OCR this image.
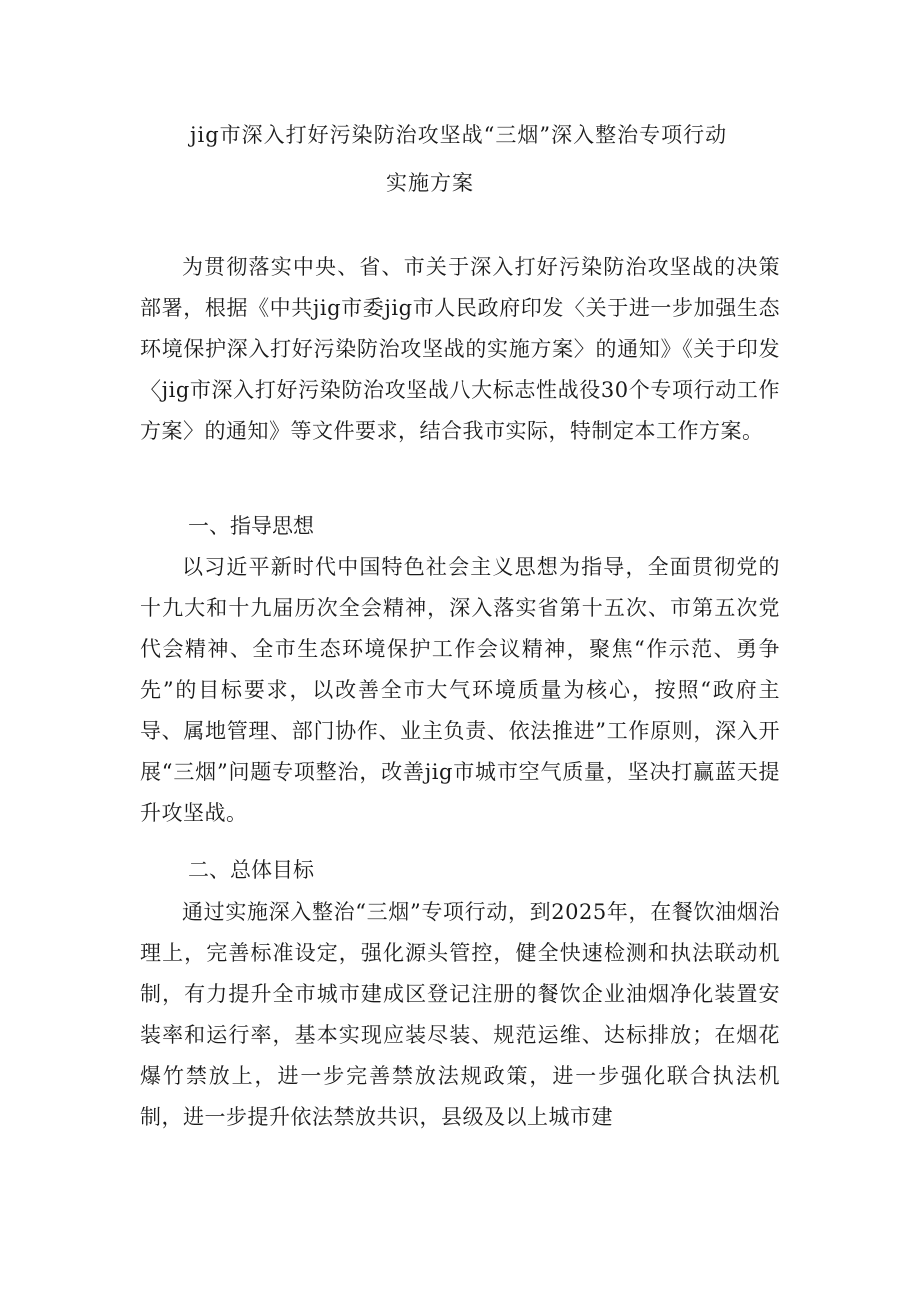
jig市深入打好污染防治攻坚战“三烟”深入整治专项行动
实施方案
为贯彻落实中央、省、市关于深入打好污染防治攻坚战的决策部署，根据《中共jig市委jig市人民政府印发〈关于进一步加强生态环境保护深入打好污染防治攻坚战的实施方案〉的通知》《关于印发〈jig市深入打好污染防治攻坚战八大标志性战役30个专项行动工作方案〉的通知》等文件要求，结合我市实际，特制定本工作方案。
一、指导思想
以习近平新时代中国特色社会主义思想为指导，全面贯彻党的十九大和十九届历次全会精神，深入落实省第十五次、市第五次党代会精神、全市生态环境保护工作会议精神，聚焦“作示范、勇争先”的目标要求，以改善全市大气环境质量为核心，按照“政府主导、属地管理、部门协作、业主负责、依法推进”工作原则，深入开展“三烟”问题专项整治，改善jig市城市空气质量，坚决打赢蓝天提升攻坚战。
二、总体目标
通过实施深入整治“三烟”专项行动，到2025年，在餐饮油烟治理上，完善标准设定，强化源头管控，健全快速检测和执法联动机制，有力提升全市城市建成区登记注册的餐饮企业油烟净化装置安装率和运行率，基本实现应装尽装、规范运维、达标排放；在烟花爆竹禁放上，进一步完善禁放法规政策，进一步强化联合执法机制，进一步提升依法禁放共识，县级及以上城市建
